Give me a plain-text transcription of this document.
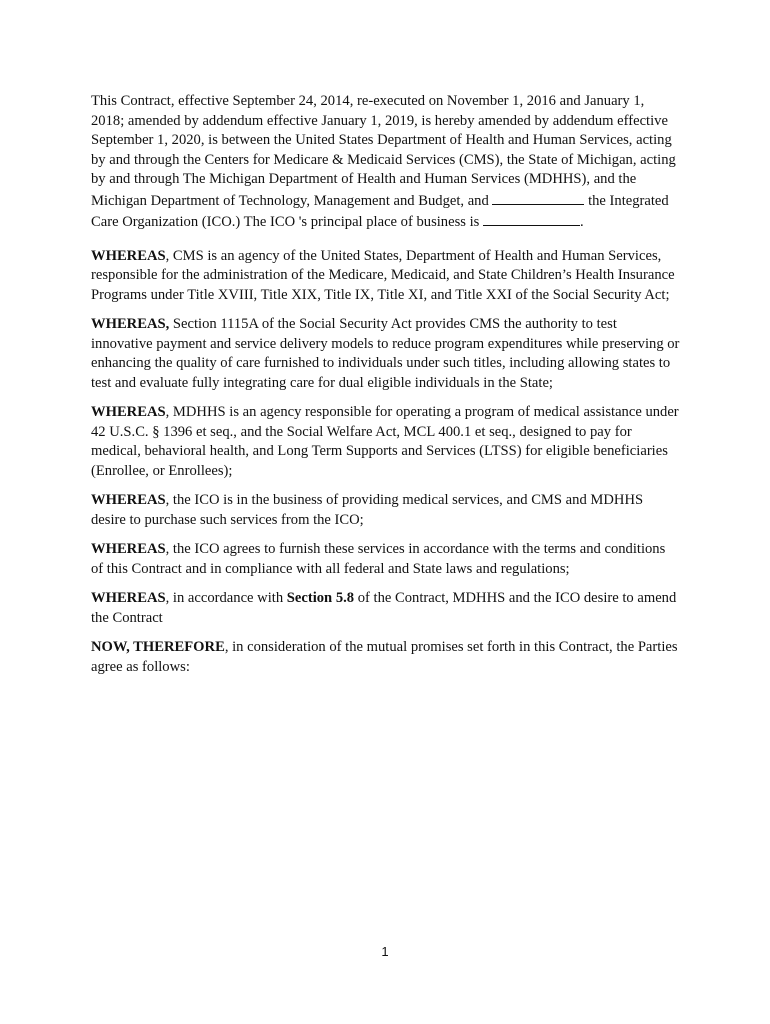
This Contract, effective September 24, 2014, re-executed on November 1, 2016 and January 1, 2018; amended by addendum effective January 1, 2019, is hereby amended by addendum effective September 1, 2020, is between the United States Department of Health and Human Services, acting by and through the Centers for Medicare & Medicaid Services (CMS), the State of Michigan, acting by and through The Michigan Department of Health and Human Services (MDHHS), and the Michigan Department of Technology, Management and Budget, and	the Integrated Care Organization (ICO.) The ICO 's principal place of business is	.

WHEREAS, CMS is an agency of the United States, Department of Health and Human Services, responsible for the administration of the Medicare, Medicaid, and State Children’s Health Insurance Programs under Title XVIII, Title XIX, Title IX, Title XI, and Title XXI of the Social Security Act;

WHEREAS, Section 1115A of the Social Security Act provides CMS the authority to test innovative payment and service delivery models to reduce program expenditures while preserving or enhancing the quality of care furnished to individuals under such titles, including allowing states to test and evaluate fully integrating care for dual eligible individuals in the State;

WHEREAS, MDHHS is an agency responsible for operating a program of medical assistance under 42 U.S.C. § 1396 et seq., and the Social Welfare Act, MCL 400.1 et seq., designed to pay for medical, behavioral health, and Long Term Supports and Services (LTSS) for eligible beneficiaries (Enrollee, or Enrollees);

WHEREAS, the ICO is in the business of providing medical services, and CMS and MDHHS desire to purchase such services from the ICO;

WHEREAS, the ICO agrees to furnish these services in accordance with the terms and conditions of this Contract and in compliance with all federal and State laws and regulations;

WHEREAS, in accordance with Section 5.8 of the Contract, MDHHS and the ICO desire to amend the Contract

NOW, THEREFORE, in consideration of the mutual promises set forth in this Contract, the Parties agree as follows:

1
